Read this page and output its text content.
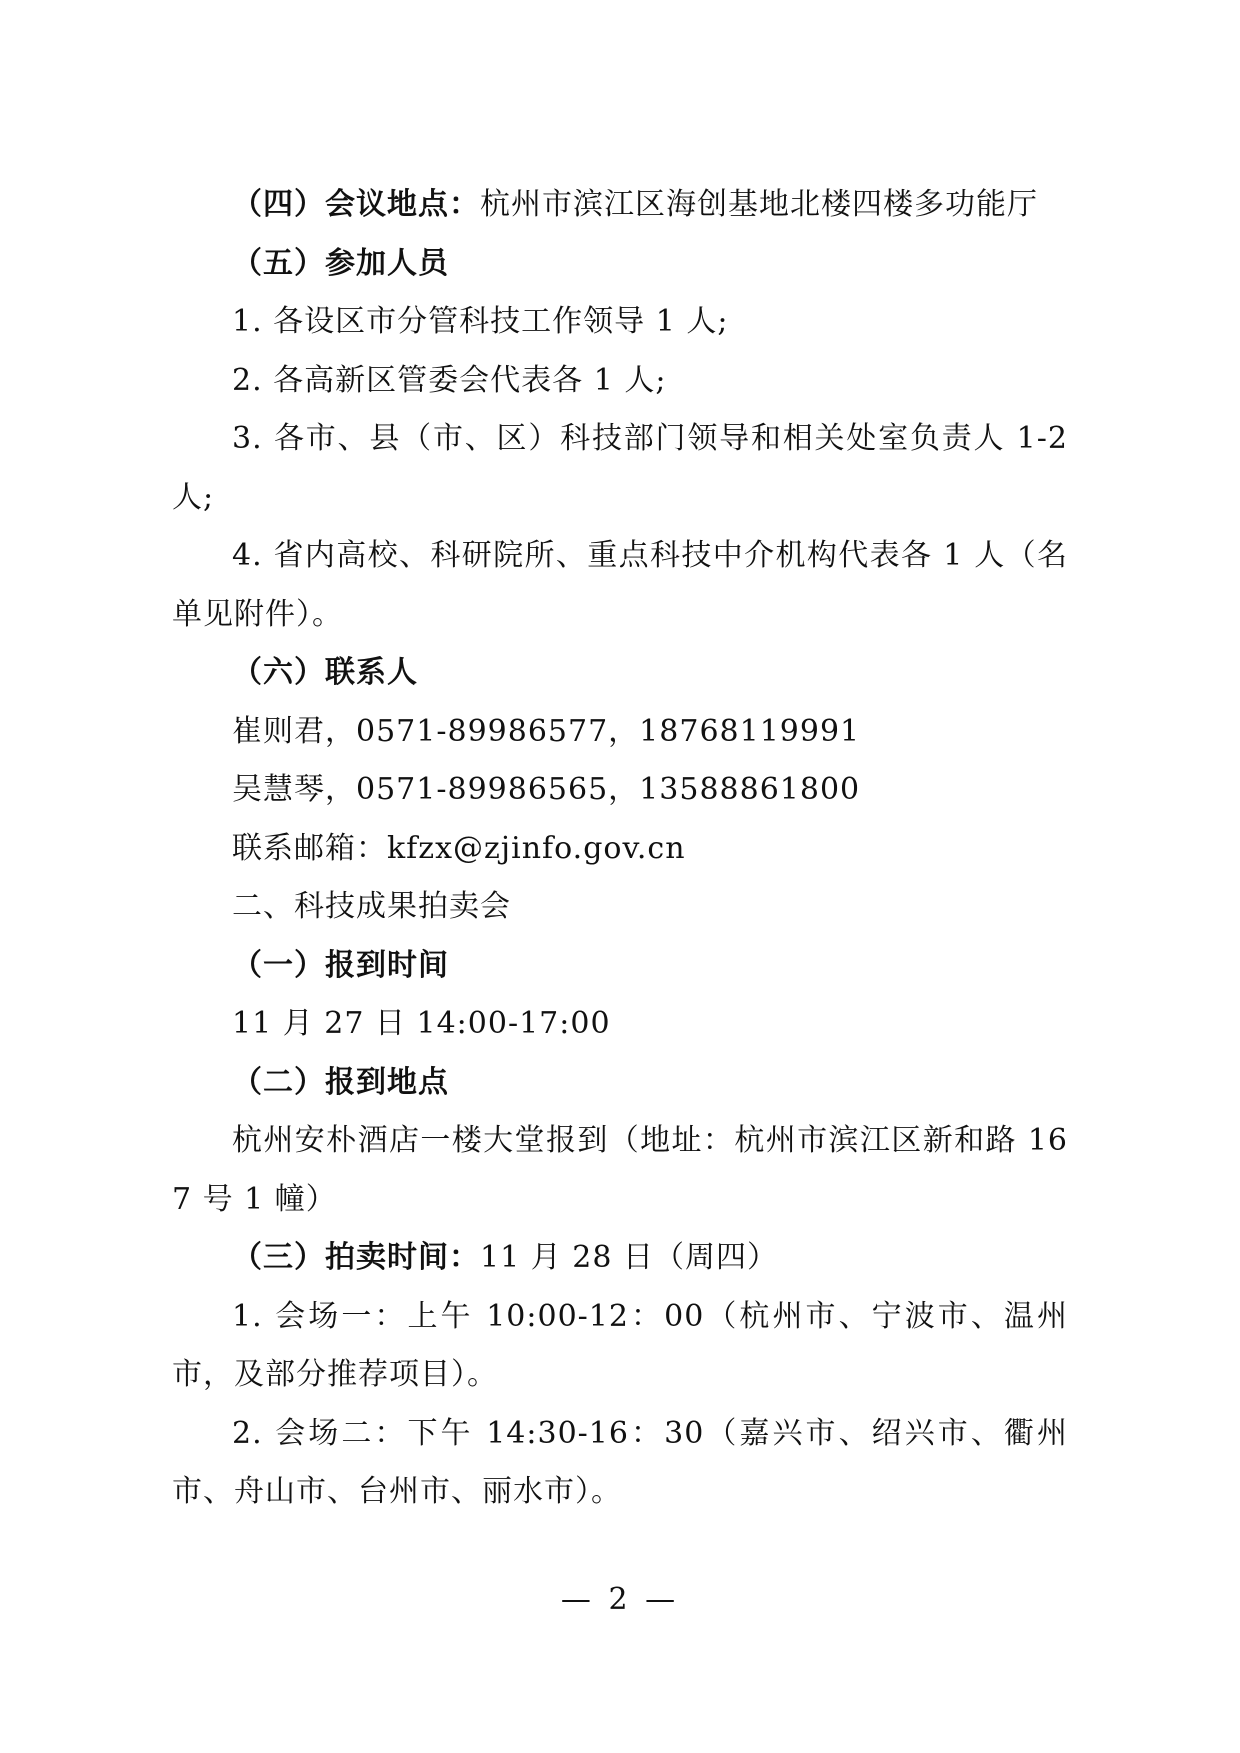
（四）会议地点：杭州市滨江区海创基地北楼四楼多功能厅

（五）参加人员

1. 各设区市分管科技工作领导 1 人;

2. 各高新区管委会代表各 1 人;

3. 各市、县（市、区）科技部门领导和相关处室负责人 1-2 人;

4. 省内高校、科研院所、重点科技中介机构代表各 1 人（名单见附件）。

（六）联系人

崔则君，0571-89986577，18768119991

吴慧琴，0571-89986565，13588861800

联系邮箱：kfzx@zjinfo.gov.cn

二、科技成果拍卖会

（一）报到时间

11 月 27 日 14:00-17:00

（二）报到地点

杭州安朴酒店一楼大堂报到（地址：杭州市滨江区新和路 167 号 1 幢）

（三）拍卖时间：11 月 28 日（周四）

1. 会场一：上午 10:00-12：00（杭州市、宁波市、温州市，及部分推荐项目）。

2. 会场二：下午 14:30-16：30（嘉兴市、绍兴市、衢州市、舟山市、台州市、丽水市）。

— 2 —
